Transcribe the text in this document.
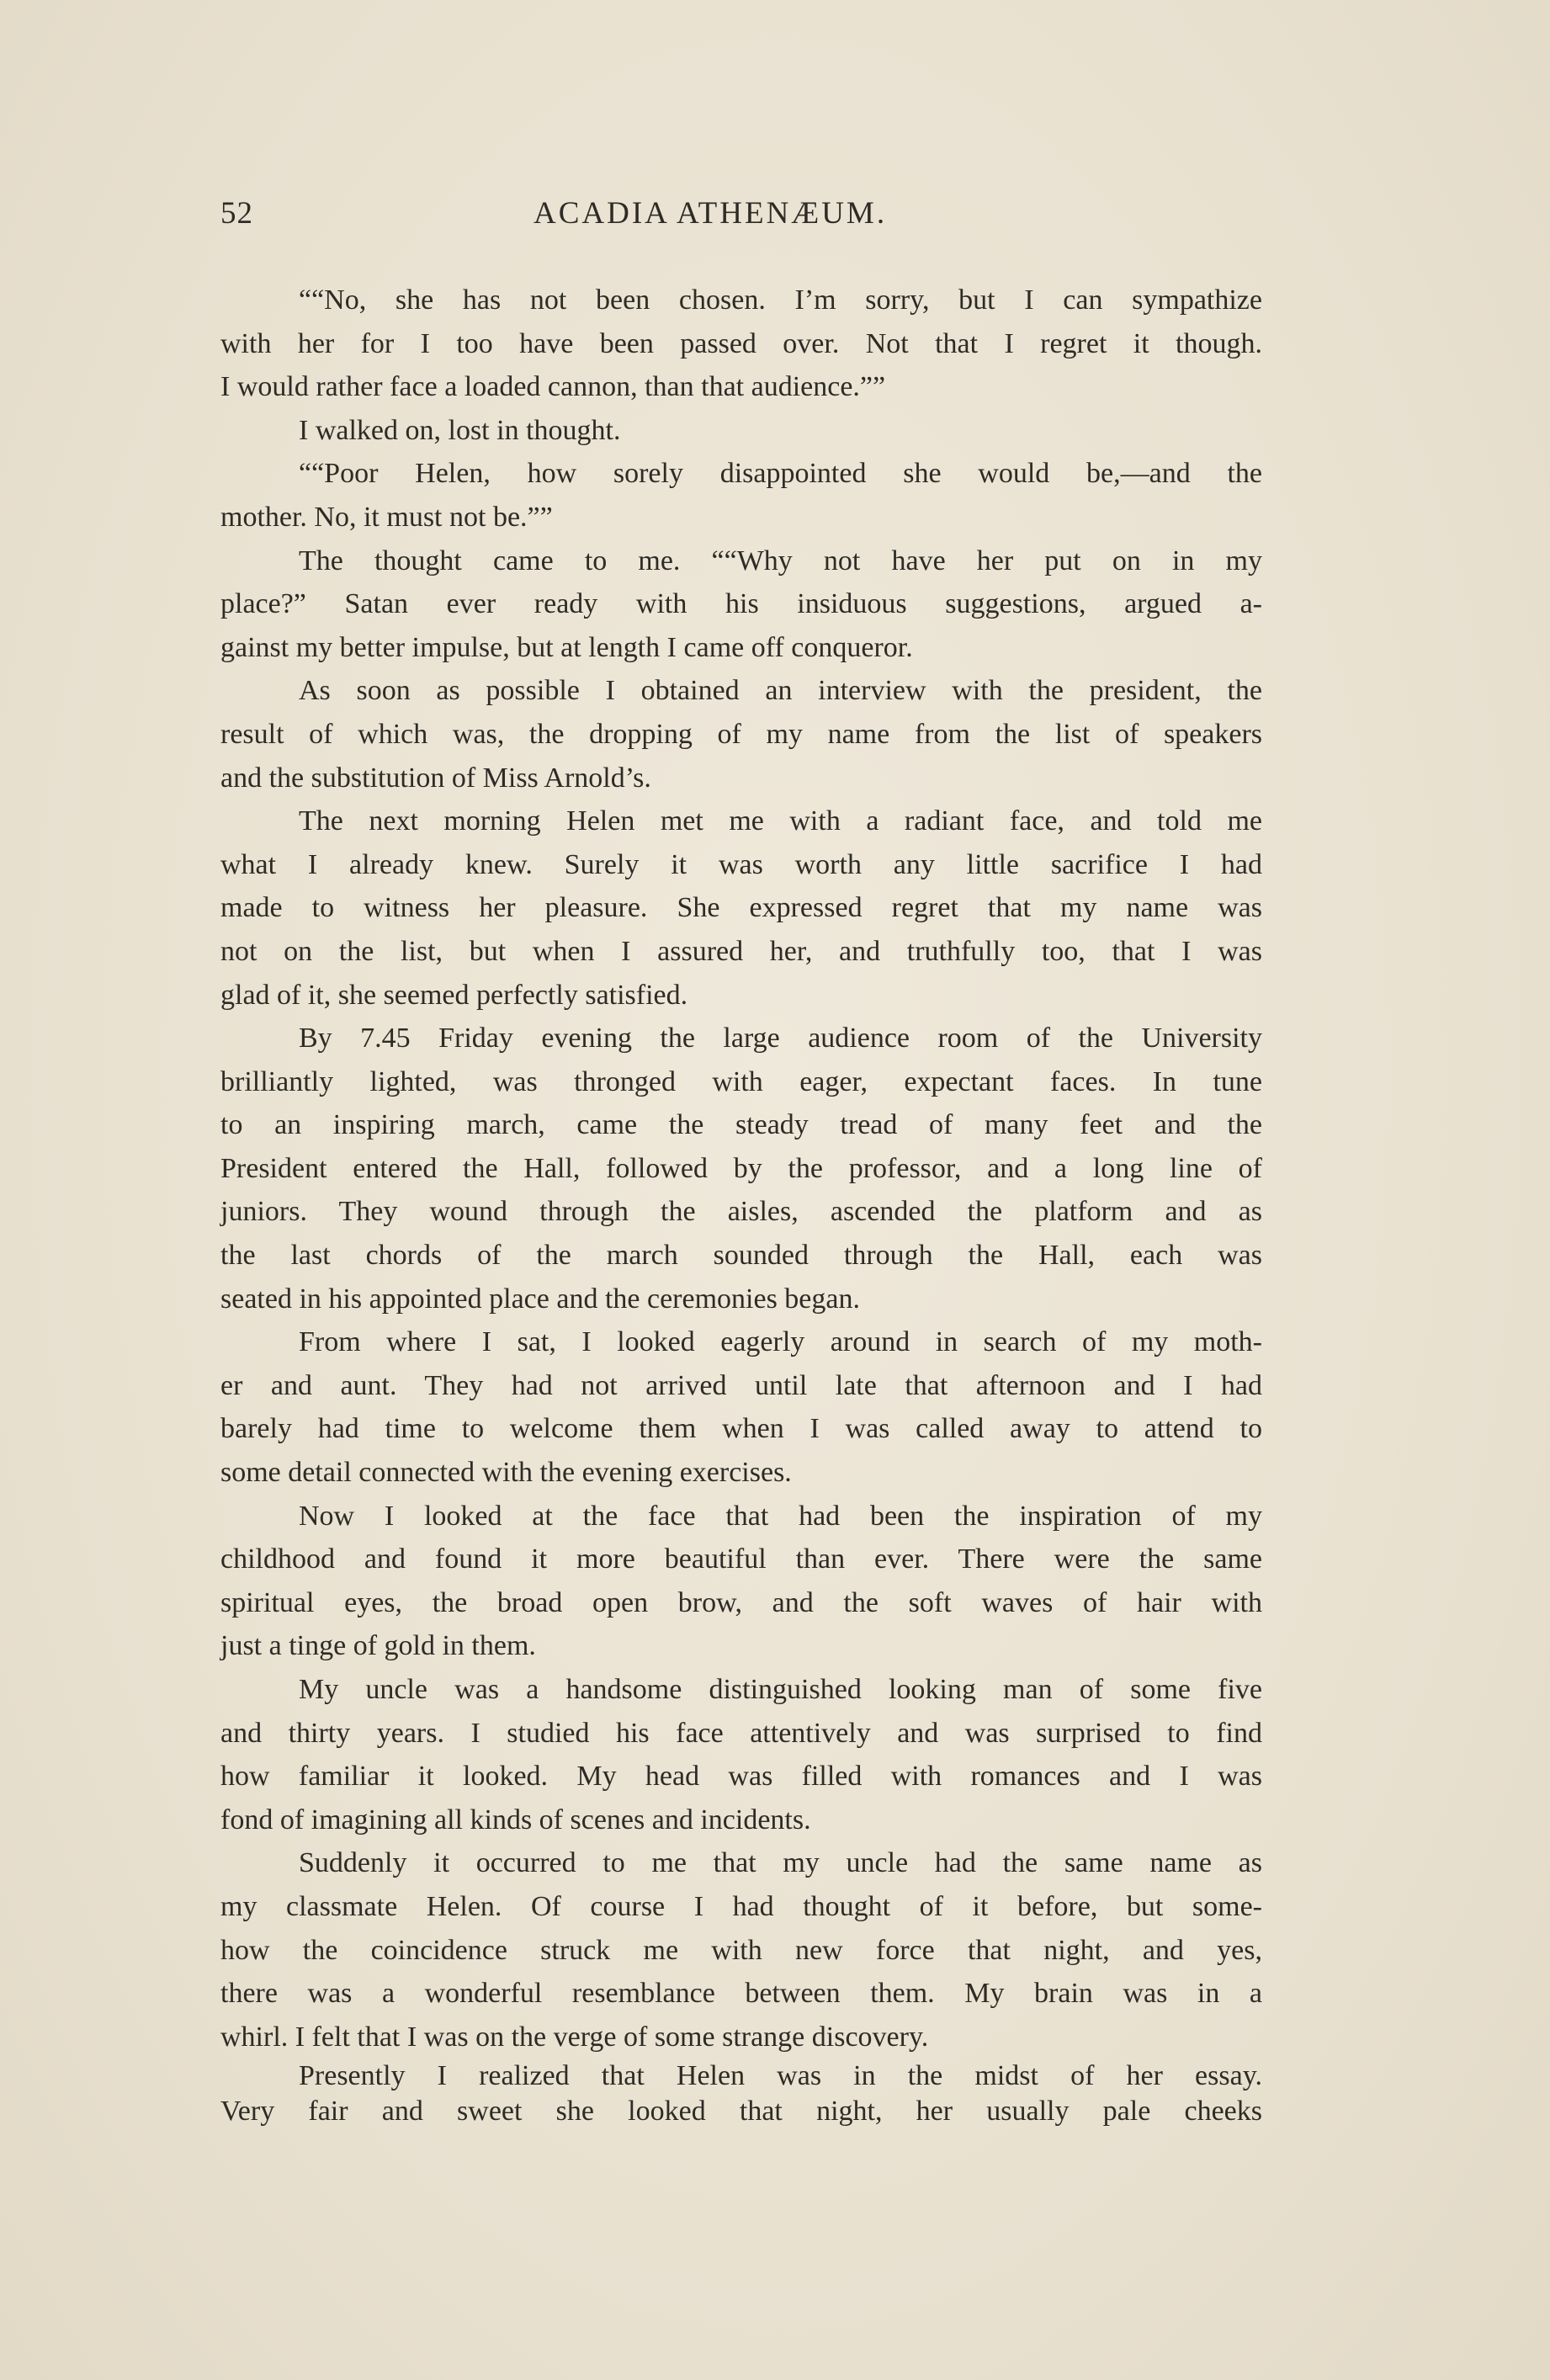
52	ACADIA ATHENÆUM.
““No, she has not been chosen. I’m sorry, but I can sympathize
with her for I too have been passed over. Not that I regret it though.
I would rather face a loaded cannon, than that audience.””
I walked on, lost in thought.
““Poor Helen, how sorely disappointed she would be,—and the
mother. No, it must not be.””
The thought came to me. ““Why not have her put on in my
place?” Satan ever ready with his insiduous suggestions, argued a-
gainst my better impulse, but at length I came off conqueror.
As soon as possible I obtained an interview with the president, the
result of which was, the dropping of my name from the list of speakers
and the substitution of Miss Arnold’s.
The next morning Helen met me with a radiant face, and told me
what I already knew. Surely it was worth any little sacrifice I had
made to witness her pleasure. She expressed regret that my name was
not on the list, but when I assured her, and truthfully too, that I was
glad of it, she seemed perfectly satisfied.
By 7.45 Friday evening the large audience room of the University
brilliantly lighted, was thronged with eager, expectant faces. In tune
to an inspiring march, came the steady tread of many feet and the
President entered the Hall, followed by the professor, and a long line of
juniors. They wound through the aisles, ascended the platform and as
the last chords of the march sounded through the Hall, each was
seated in his appointed place and the ceremonies began.
From where I sat, I looked eagerly around in search of my moth-
er and aunt. They had not arrived until late that afternoon and I had
barely had time to welcome them when I was called away to attend to
some detail connected with the evening exercises.
Now I looked at the face that had been the inspiration of my
childhood and found it more beautiful than ever. There were the same
spiritual eyes, the broad open brow, and the soft waves of hair with
just a tinge of gold in them.
My uncle was a handsome distinguished looking man of some five
and thirty years. I studied his face attentively and was surprised to find
how familiar it looked. My head was filled with romances and I was
fond of imagining all kinds of scenes and incidents.
Suddenly it occurred to me that my uncle had the same name as
my classmate Helen. Of course I had thought of it before, but some-
how the coincidence struck me with new force that night, and yes,
there was a wonderful resemblance between them. My brain was in a
whirl. I felt that I was on the verge of some strange discovery.
Presently I realized that Helen was in the midst of her essay.
Very fair and sweet she looked that night, her usually pale cheeks
